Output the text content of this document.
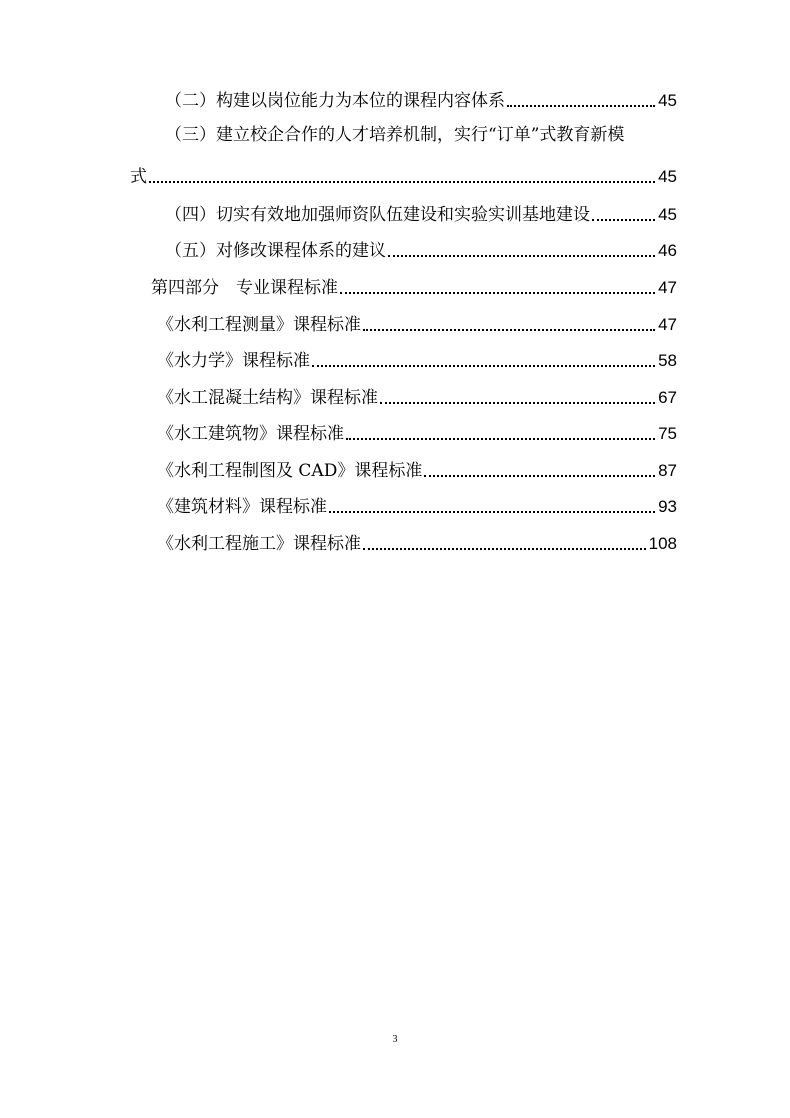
（二）构建以岗位能力为本位的课程内容体系	45
（三）建立校企合作的人才培养机制，实行“订单”式教育新模
式	45
（四）切实有效地加强师资队伍建设和实验实训基地建设	45
（五）对修改课程体系的建议	46
第四部分　专业课程标准	47
《水利工程测量》课程标准	47
《水力学》课程标准	58
《水工混凝土结构》课程标准	67
《水工建筑物》课程标准	75
《水利工程制图及 CAD》课程标准	87
《建筑材料》课程标准	93
《水利工程施工》课程标准	108
3
